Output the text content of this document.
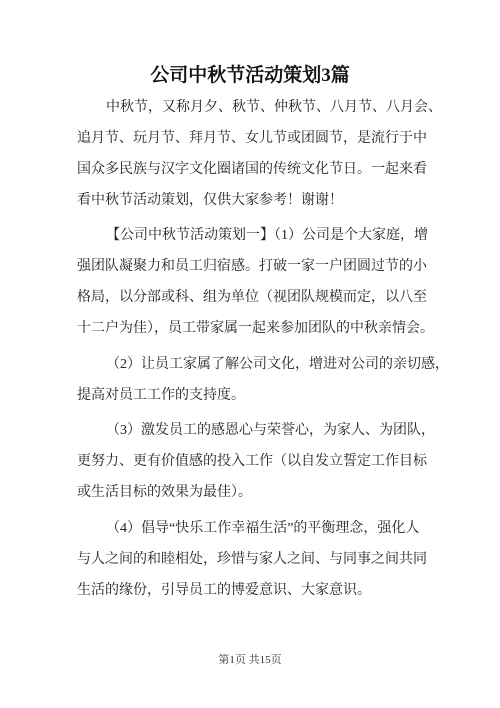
公司中秋节活动策划3篇
中秋节，又称月夕、秋节、仲秋节、八月节、八月会、
追月节、玩月节、拜月节、女儿节或团圆节，是流行于中
国众多民族与汉字文化圈诸国的传统文化节日。一起来看
看中秋节活动策划，仅供大家参考！谢谢！
【公司中秋节活动策划一】（1）公司是个大家庭，增
强团队凝聚力和员工归宿感。打破一家一户团圆过节的小
格局，以分部或科、组为单位（视团队规模而定，以八至
十二户为佳），员工带家属一起来参加团队的中秋亲情会。
（2）让员工家属了解公司文化，增进对公司的亲切感，
提高对员工工作的支持度。
（3）激发员工的感恩心与荣誉心，为家人、为团队，
更努力、更有价值感的投入工作（以自发立誓定工作目标
或生活目标的效果为最佳）。
（4）倡导“快乐工作幸福生活”的平衡理念，强化人
与人之间的和睦相处，珍惜与家人之间、与同事之间共同
生活的缘份，引导员工的博爱意识、大家意识。
第1页 共15页
